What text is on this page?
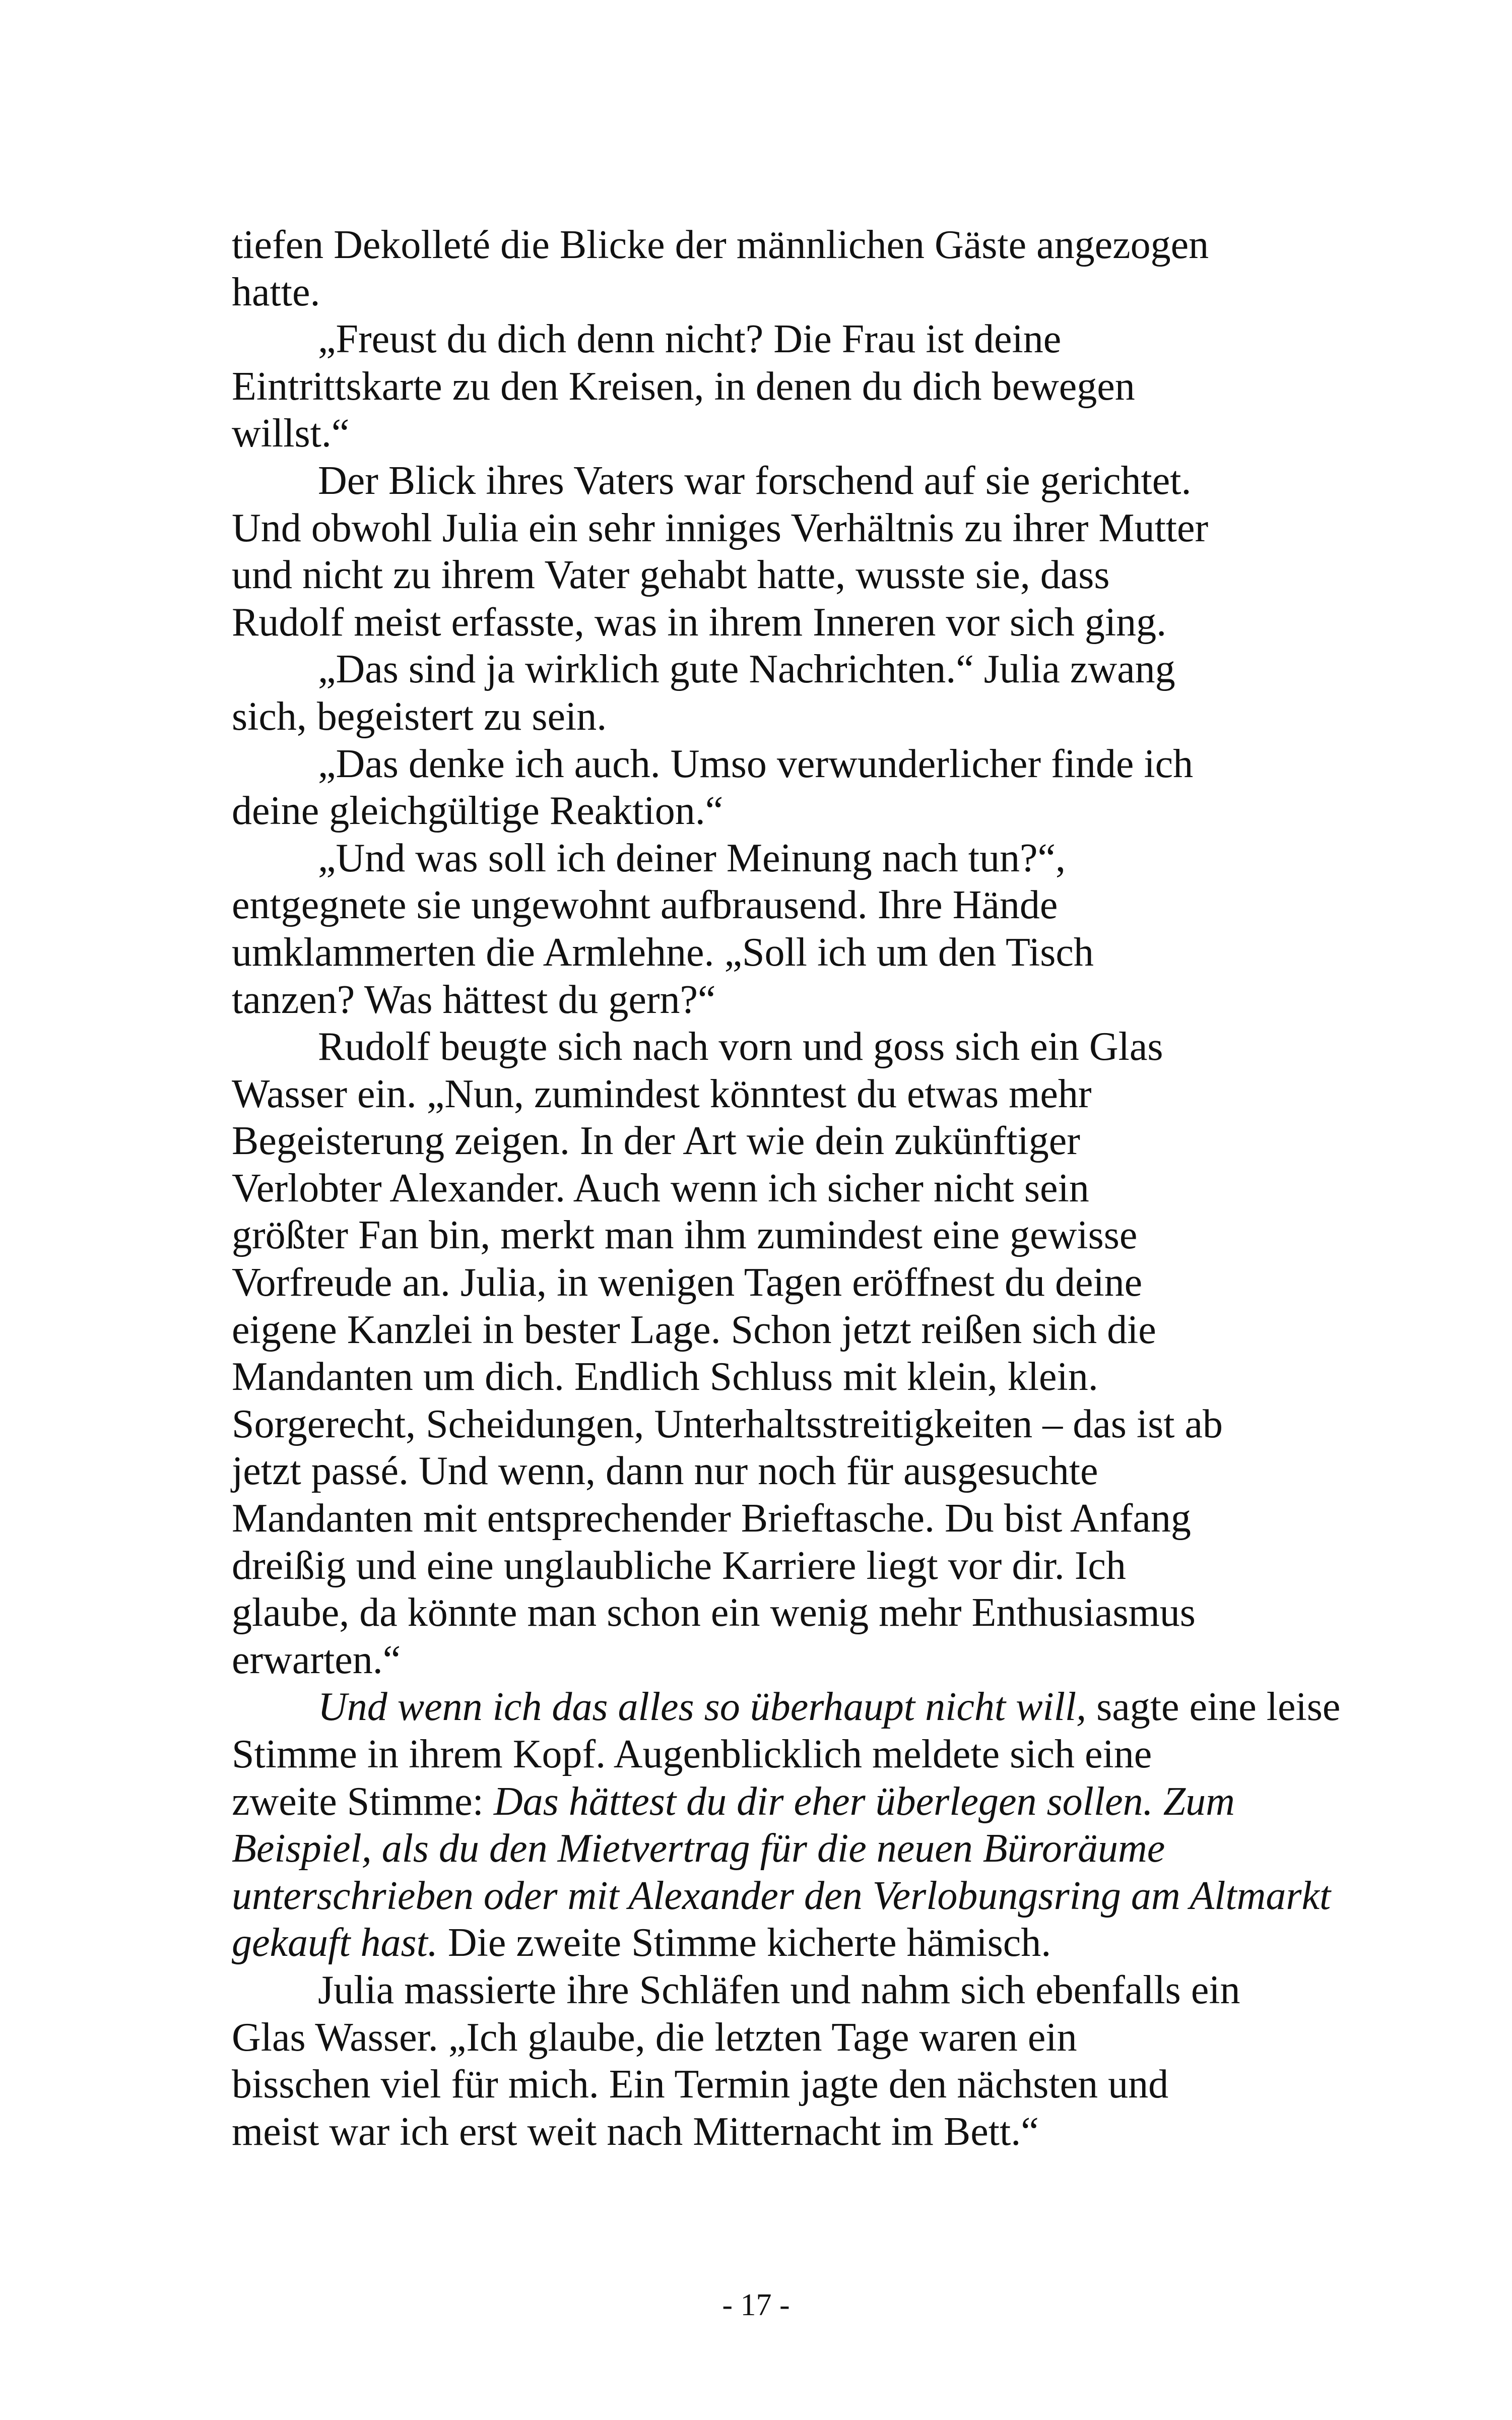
tiefen Dekolleté die Blicke der männlichen Gäste angezogen
hatte.
„Freust du dich denn nicht? Die Frau ist deine
Eintrittskarte zu den Kreisen, in denen du dich bewegen
willst.“
Der Blick ihres Vaters war forschend auf sie gerichtet.
Und obwohl Julia ein sehr inniges Verhältnis zu ihrer Mutter
und nicht zu ihrem Vater gehabt hatte, wusste sie, dass
Rudolf meist erfasste, was in ihrem Inneren vor sich ging.
„Das sind ja wirklich gute Nachrichten.“ Julia zwang
sich, begeistert zu sein.
„Das denke ich auch. Umso verwunderlicher finde ich
deine gleichgültige Reaktion.“
„Und was soll ich deiner Meinung nach tun?“,
entgegnete sie ungewohnt aufbrausend. Ihre Hände
umklammerten die Armlehne. „Soll ich um den Tisch
tanzen? Was hättest du gern?“
Rudolf beugte sich nach vorn und goss sich ein Glas
Wasser ein. „Nun, zumindest könntest du etwas mehr
Begeisterung zeigen. In der Art wie dein zukünftiger
Verlobter Alexander. Auch wenn ich sicher nicht sein
größter Fan bin, merkt man ihm zumindest eine gewisse
Vorfreude an. Julia, in wenigen Tagen eröffnest du deine
eigene Kanzlei in bester Lage. Schon jetzt reißen sich die
Mandanten um dich. Endlich Schluss mit klein, klein.
Sorgerecht, Scheidungen, Unterhaltsstreitigkeiten – das ist ab
jetzt passé. Und wenn, dann nur noch für ausgesuchte
Mandanten mit entsprechender Brieftasche. Du bist Anfang
dreißig und eine unglaubliche Karriere liegt vor dir. Ich
glaube, da könnte man schon ein wenig mehr Enthusiasmus
erwarten.“
Und wenn ich das alles so überhaupt nicht will, sagte eine leise
Stimme in ihrem Kopf. Augenblicklich meldete sich eine
zweite Stimme: Das hättest du dir eher überlegen sollen. Zum
Beispiel, als du den Mietvertrag für die neuen Büroräume
unterschrieben oder mit Alexander den Verlobungsring am Altmarkt
gekauft hast. Die zweite Stimme kicherte hämisch.
Julia massierte ihre Schläfen und nahm sich ebenfalls ein
Glas Wasser. „Ich glaube, die letzten Tage waren ein
bisschen viel für mich. Ein Termin jagte den nächsten und
meist war ich erst weit nach Mitternacht im Bett.“
- 17 -
